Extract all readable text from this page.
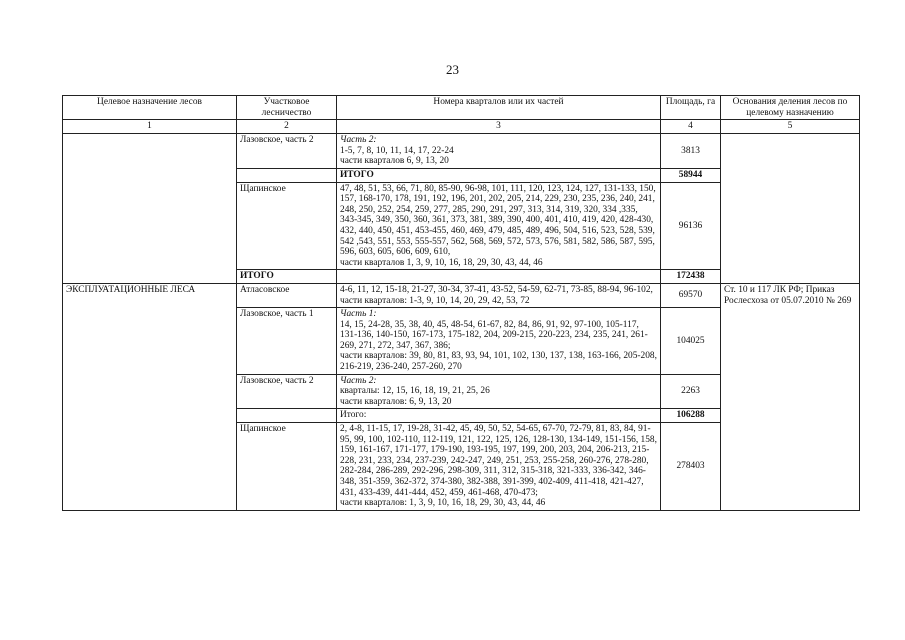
23
Целевое назначение лесов	Участковое лесничество	Номера кварталов или их частей	Площадь, га	Основания деления лесов по целевому назначению
1	2	3	4	5
	Лазовское, часть 2	Часть 2:
1-5, 7, 8, 10, 11, 14, 17, 22-24
части кварталов 6, 9, 13, 20	3813	
		ИТОГО	58944	
	Щапинское	47, 48, 51, 53, 66, 71, 80, 85-90, 96-98, 101, 111, 120, 123, 124, 127, 131-133, 150, 157, 168-170, 178, 191, 192, 196, 201, 202, 205, 214, 229, 230, 235, 236, 240, 241, 248, 250, 252, 254, 259, 277, 285, 290, 291, 297, 313, 314, 319, 320, 334 ,335, 343-345, 349, 350, 360, 361, 373, 381, 389, 390, 400, 401, 410, 419, 420, 428-430, 432, 440, 450, 451, 453-455, 460, 469, 479, 485, 489, 496, 504, 516, 523, 528, 539, 542 ,543, 551, 553, 555-557, 562, 568, 569, 572, 573, 576, 581, 582, 586, 587, 595, 596, 603, 605, 606, 609, 610,
части кварталов 1, 3, 9, 10, 16, 18, 29, 30, 43, 44, 46	96136	
	ИТОГО		172438	
ЭКСПЛУАТАЦИОННЫЕ ЛЕСА	Атласовское	4-6, 11, 12, 15-18, 21-27, 30-34, 37-41, 43-52, 54-59, 62-71, 73-85, 88-94, 96-102,
части кварталов: 1-3, 9, 10, 14, 20, 29, 42, 53, 72	69570	Ст. 10 и 117 ЛК РФ; Приказ Рослесхоза от 05.07.2010 № 269
	Лазовское, часть 1	Часть 1:
14, 15, 24-28, 35, 38, 40, 45, 48-54, 61-67, 82, 84, 86, 91, 92, 97-100, 105-117, 131-136, 140-150, 167-173, 175-182, 204, 209-215, 220-223, 234, 235, 241, 261-269, 271, 272, 347, 367, 386;
части кварталов: 39, 80, 81, 83, 93, 94, 101, 102, 130, 137, 138, 163-166, 205-208, 216-219, 236-240, 257-260, 270	104025	
	Лазовское, часть 2	Часть 2:
кварталы: 12, 15, 16, 18, 19, 21, 25, 26
части кварталов: 6, 9, 13, 20	2263	
		Итого:	106288	
	Щапинское	2, 4-8, 11-15, 17, 19-28, 31-42, 45, 49, 50, 52, 54-65, 67-70, 72-79, 81, 83, 84, 91-95, 99, 100, 102-110, 112-119, 121, 122, 125, 126, 128-130, 134-149, 151-156, 158, 159, 161-167, 171-177, 179-190, 193-195, 197, 199, 200, 203, 204, 206-213, 215-228, 231, 233, 234, 237-239, 242-247, 249, 251, 253, 255-258, 260-276, 278-280, 282-284, 286-289, 292-296, 298-309, 311, 312, 315-318, 321-333, 336-342, 346-348, 351-359, 362-372, 374-380, 382-388, 391-399, 402-409, 411-418, 421-427, 431, 433-439, 441-444, 452, 459, 461-468, 470-473;
части кварталов: 1, 3, 9, 10, 16, 18, 29, 30, 43, 44, 46	278403	
